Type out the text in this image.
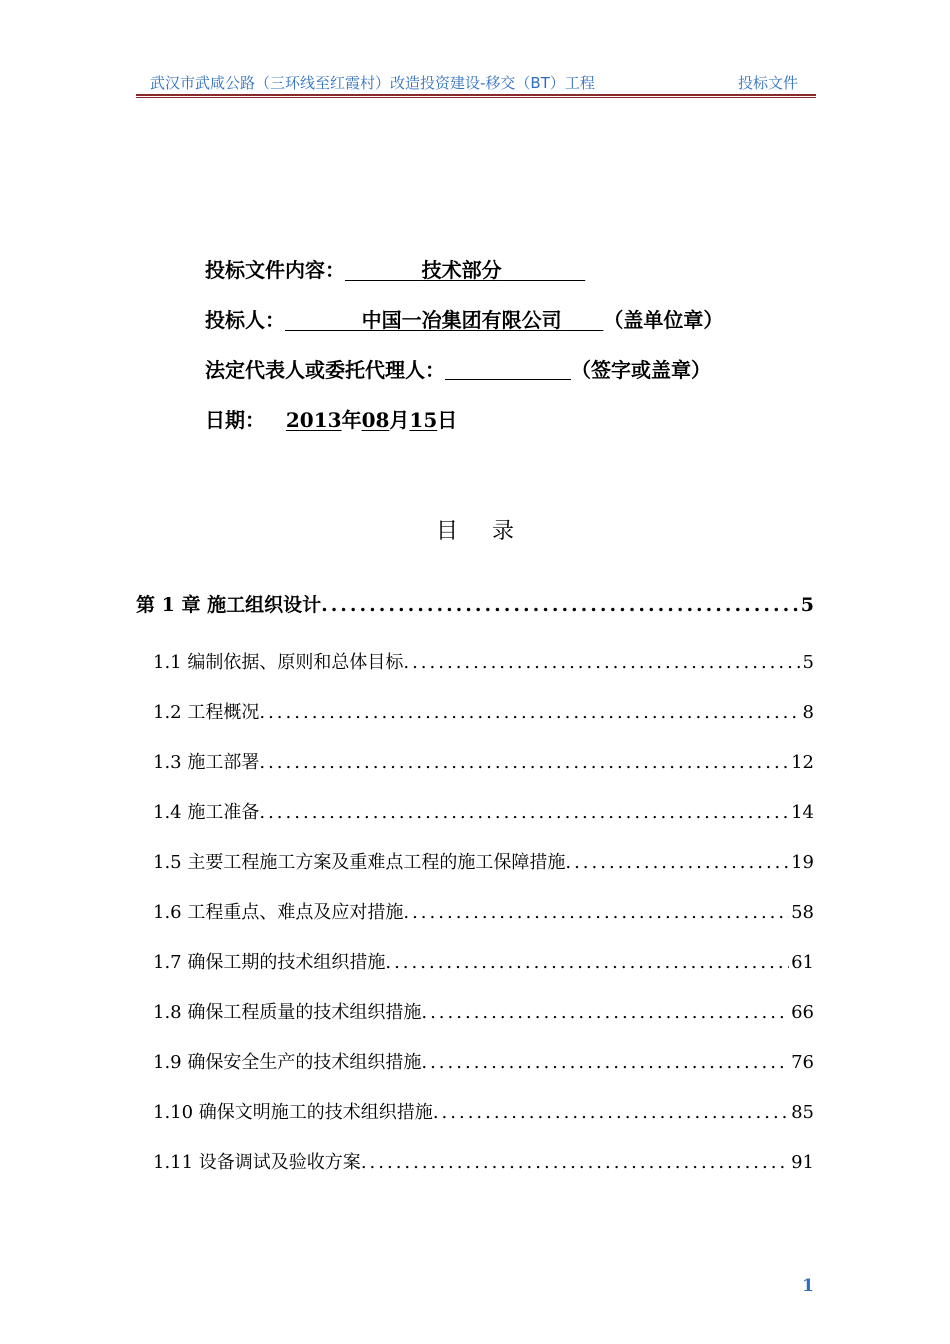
武汉市武咸公路（三环线至红霞村）改造投资建设-移交（BT）工程	投标文件
投标文件内容：	技术部分
投标人：	中国一冶集团有限公司 （盖单位章）
法定代表人或委托代理人：	（签字或盖章）
日期： 2013年08月15日
目录
第 1 章 施工组织设计 .....	5
1.1 编制依据、原则和总体目标 .....	5
1.2 工程概况 .....	8
1.3 施工部署 .....	12
1.4 施工准备 .....	14
1.5 主要工程施工方案及重难点工程的施工保障措施 .....	19
1.6 工程重点、难点及应对措施 .....	58
1.7 确保工期的技术组织措施 .....	61
1.8 确保工程质量的技术组织措施 .....	66
1.9 确保安全生产的技术组织措施 .....	76
1.10 确保文明施工的技术组织措施 .....	85
1.11 设备调试及验收方案 .....	91
1
